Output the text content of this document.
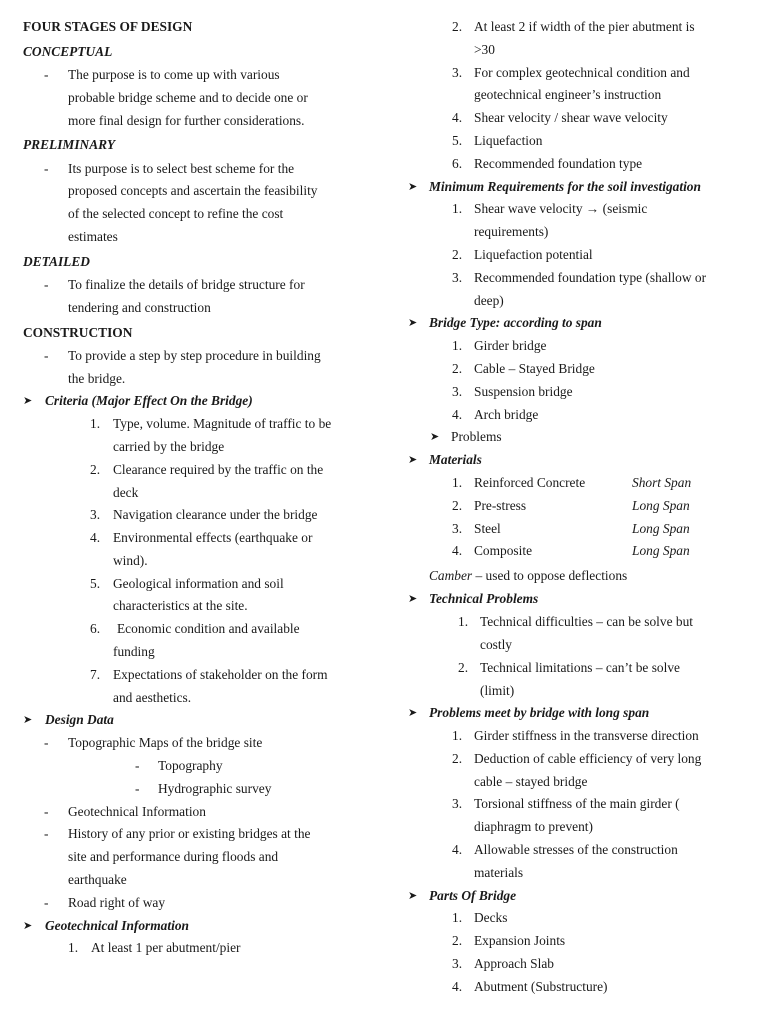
FOUR STAGES OF DESIGN
CONCEPTUAL
- The purpose is to come up with various
probable bridge scheme and to decide one or
more final design for further considerations.
PRELIMINARY
- Its purpose is to select best scheme for the
proposed concepts and ascertain the feasibility
of the selected concept to refine the cost
estimates
DETAILED
- To finalize the details of bridge structure for
tendering and construction
CONSTRUCTION
- To provide a step by step procedure in building
the bridge.
➤ Criteria (Major Effect On the Bridge)
1. Type, volume. Magnitude of traffic to be
carried by the bridge
2. Clearance required by the traffic on the
deck
3. Navigation clearance under the bridge
4. Environmental effects (earthquake or
wind).
5. Geological information and soil
characteristics at the site.
6. Economic condition and available
funding
7. Expectations of stakeholder on the form
and aesthetics.
➤ Design Data
- Topographic Maps of the bridge site
- Topography
- Hydrographic survey
- Geotechnical Information
- History of any prior or existing bridges at the
site and performance during floods and
earthquake
- Road right of way
➤ Geotechnical Information
1. At least 1 per abutment/pier
2. At least 2 if width of the pier abutment is
>30
3. For complex geotechnical condition and
geotechnical engineer’s instruction
4. Shear velocity / shear wave velocity
5. Liquefaction
6. Recommended foundation type
➤ Minimum Requirements for the soil investigation
1. Shear wave velocity → (seismic
requirements)
2. Liquefaction potential
3. Recommended foundation type (shallow or
deep)
➤ Bridge Type: according to span
1. Girder bridge
2. Cable – Stayed Bridge
3. Suspension bridge
4. Arch bridge
➤ Problems
➤ Materials
1. Reinforced Concrete	Short Span
2. Pre-stress	Long Span
3. Steel	Long Span
4. Composite	Long Span
Camber – used to oppose deflections
➤ Technical Problems
1. Technical difficulties – can be solve but
costly
2. Technical limitations – can’t be solve
(limit)
➤ Problems meet by bridge with long span
1. Girder stiffness in the transverse direction
2. Deduction of cable efficiency of very long
cable – stayed bridge
3. Torsional stiffness of the main girder (
diaphragm to prevent)
4. Allowable stresses of the construction
materials
➤ Parts Of Bridge
1. Decks
2. Expansion Joints
3. Approach Slab
4. Abutment (Substructure)
